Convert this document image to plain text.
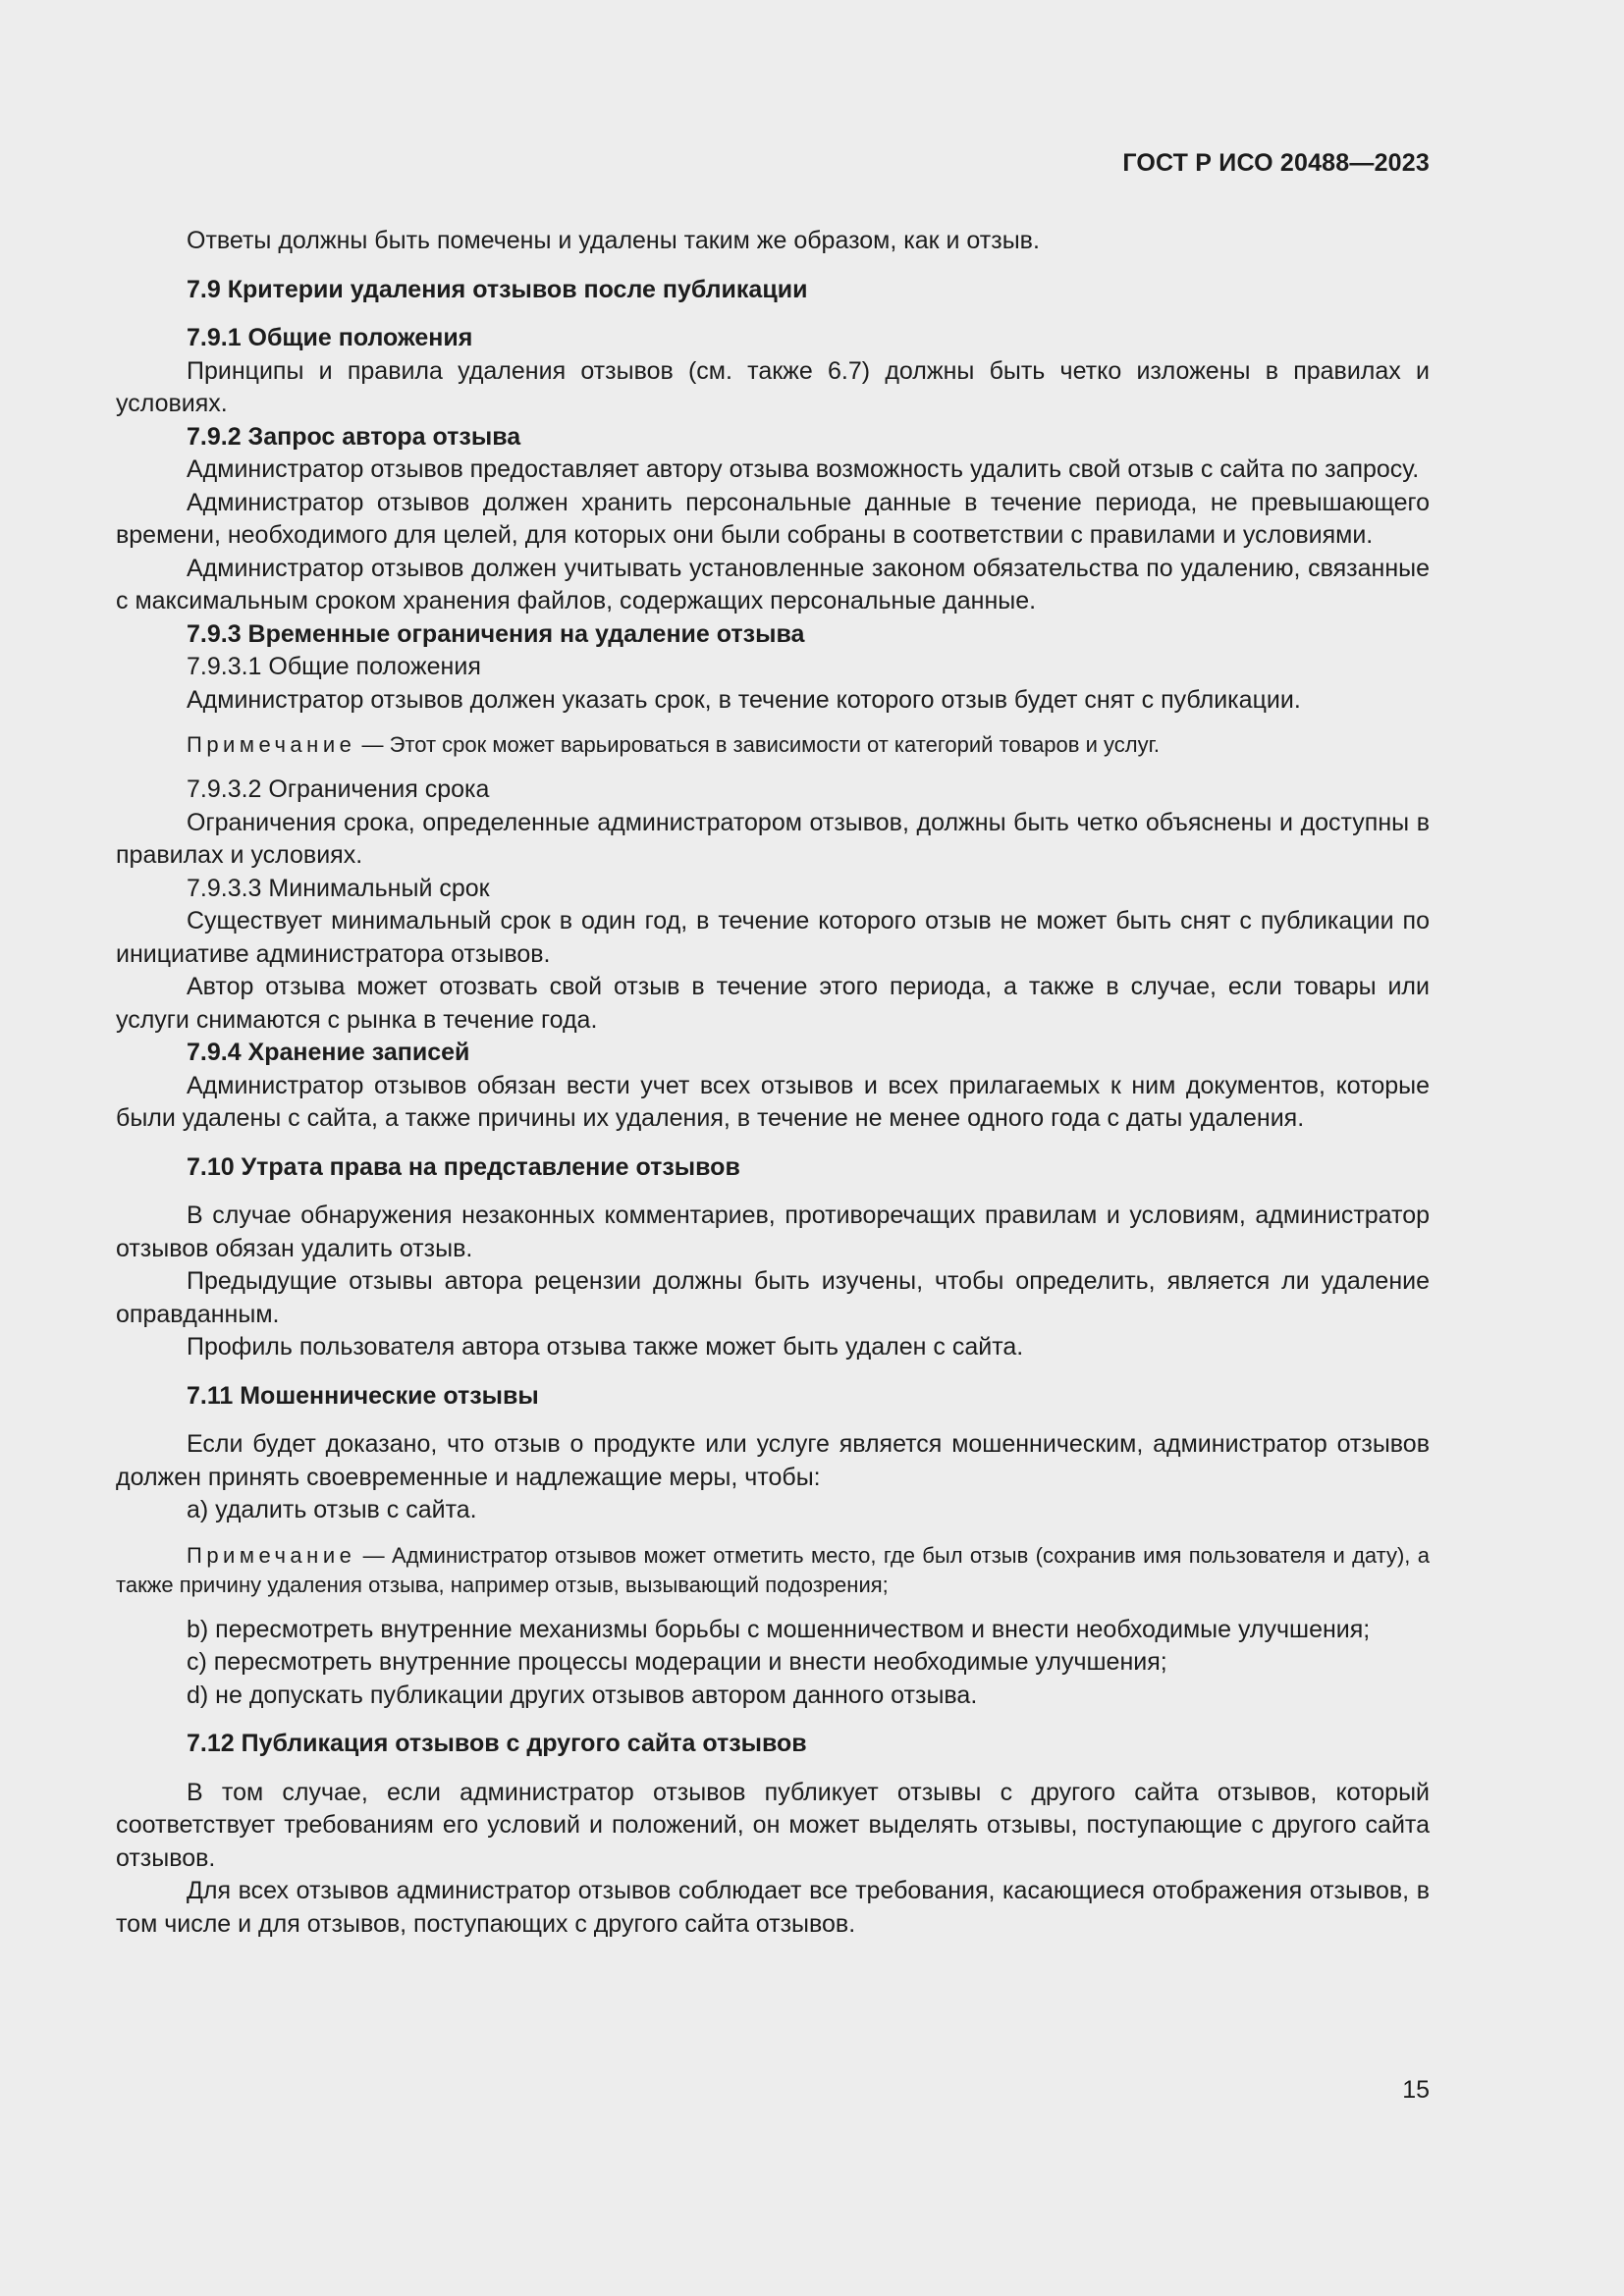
ГОСТ Р ИСО 20488—2023

Ответы должны быть помечены и удалены таким же образом, как и отзыв.

7.9 Критерии удаления отзывов после публикации

7.9.1 Общие положения

Принципы и правила удаления отзывов (см. также 6.7) должны быть четко изложены в правилах и условиях.

7.9.2 Запрос автора отзыва

Администратор отзывов предоставляет автору отзыва возможность удалить свой отзыв с сайта по запросу.

Администратор отзывов должен хранить персональные данные в течение периода, не превышающего времени, необходимого для целей, для которых они были собраны в соответствии с правилами и условиями.

Администратор отзывов должен учитывать установленные законом обязательства по удалению, связанные с максимальным сроком хранения файлов, содержащих персональные данные.

7.9.3 Временные ограничения на удаление отзыва

7.9.3.1 Общие положения

Администратор отзывов должен указать срок, в течение которого отзыв будет снят с публикации.

Примечание — Этот срок может варьироваться в зависимости от категорий товаров и услуг.

7.9.3.2 Ограничения срока

Ограничения срока, определенные администратором отзывов, должны быть четко объяснены и доступны в правилах и условиях.

7.9.3.3 Минимальный срок

Существует минимальный срок в один год, в течение которого отзыв не может быть снят с публикации по инициативе администратора отзывов.

Автор отзыва может отозвать свой отзыв в течение этого периода, а также в случае, если товары или услуги снимаются с рынка в течение года.

7.9.4 Хранение записей

Администратор отзывов обязан вести учет всех отзывов и всех прилагаемых к ним документов, которые были удалены с сайта, а также причины их удаления, в течение не менее одного года с даты удаления.

7.10 Утрата права на представление отзывов

В случае обнаружения незаконных комментариев, противоречащих правилам и условиям, администратор отзывов обязан удалить отзыв.

Предыдущие отзывы автора рецензии должны быть изучены, чтобы определить, является ли удаление оправданным.

Профиль пользователя автора отзыва также может быть удален с сайта.

7.11 Мошеннические отзывы

Если будет доказано, что отзыв о продукте или услуге является мошенническим, администратор отзывов должен принять своевременные и надлежащие меры, чтобы:

a) удалить отзыв с сайта.

Примечание — Администратор отзывов может отметить место, где был отзыв (сохранив имя пользователя и дату), а также причину удаления отзыва, например отзыв, вызывающий подозрения;

b) пересмотреть внутренние механизмы борьбы с мошенничеством и внести необходимые улучшения;

c) пересмотреть внутренние процессы модерации и внести необходимые улучшения;

d) не допускать публикации других отзывов автором данного отзыва.

7.12 Публикация отзывов с другого сайта отзывов

В том случае, если администратор отзывов публикует отзывы с другого сайта отзывов, который соответствует требованиям его условий и положений, он может выделять отзывы, поступающие с другого сайта отзывов.

Для всех отзывов администратор отзывов соблюдает все требования, касающиеся отображения отзывов, в том числе и для отзывов, поступающих с другого сайта отзывов.

15
